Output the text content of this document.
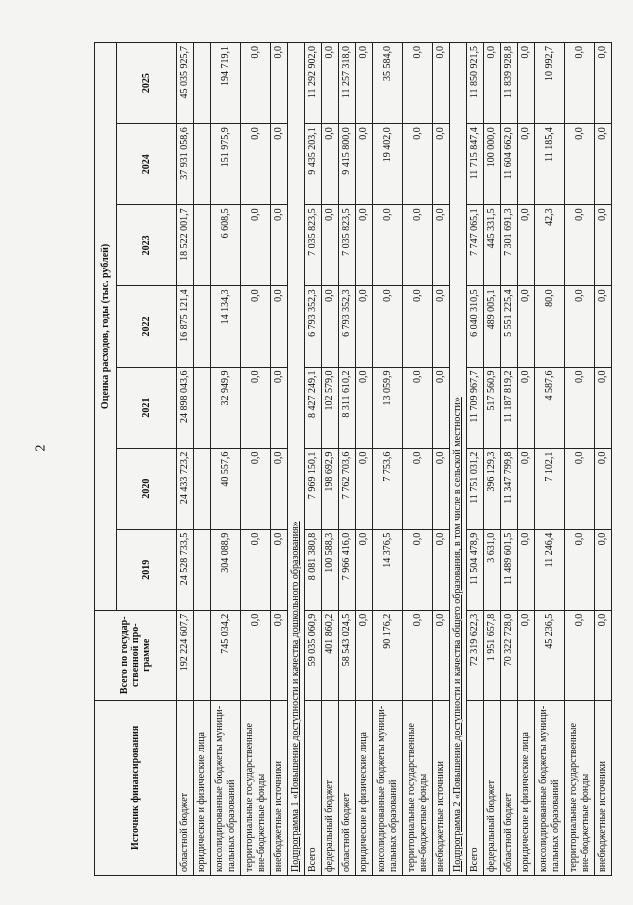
2
Источник финансирования	Всего по государ-ственной про-грамме	Оценка расходов, годы (тыс. рублей)						
		2019	2020	2021	2022	2023	2024	2025
областной бюджет	192 224 607,7	24 528 733,5	24 433 723,2	24 898 043,6	16 875 121,4	18 522 001,7	37 931 058,6	45 035 925,7
юридические и физические лица								
консолидированные бюджеты муници-пальных образований	745 034,2	304 088,9	40 557,6	32 949,9	14 134,3	6 608,5	151 975,9	194 719,1
территориальные государственные вне-бюджетные фонды	0,0	0,0	0,0	0,0	0,0	0,0	0,0	0,0
внебюджетные источники	0,0	0,0	0,0	0,0	0,0	0,0	0,0	0,0
Подпрограмма 1 «Повышение доступности и качества дошкольного образования»								
Всего	59 035 060,9	8 081 380,8	7 969 150,1	8 427 249,1	6 793 352,3	7 035 823,5	9 435 203,1	11 292 902,0
федеральный бюджет	401 860,2	100 588,3	198 692,9	102 579,0	0,0	0,0	0,0	0,0
областной бюджет	58 543 024,5	7 966 416,0	7 762 703,6	8 311 610,2	6 793 352,3	7 035 823,5	9 415 800,0	11 257 318,0
юридические и физические лица	0,0	0,0	0,0	0,0	0,0	0,0	0,0	0,0
консолидированные бюджеты муници-пальных образований	90 176,2	14 376,5	7 753,6	13 059,9	0,0	0,0	19 402,0	35 584,0
территориальные государственные вне-бюджетные фонды	0,0	0,0	0,0	0,0	0,0	0,0	0,0	0,0
внебюджетные источники	0,0	0,0	0,0	0,0	0,0	0,0	0,0	0,0
Подпрограмма 2 «Повышение доступности и качества общего образования, в том числе в сельской местности»								
Всего	72 319 622,3	11 504 478,9	11 751 031,2	11 709 967,7	6 040 310,5	7 747 065,1	11 715 847,4	11 850 921,5
федеральный бюджет	1 951 657,8	3 631,0	396 129,3	517 560,9	489 005,1	445 331,5	100 000,0	0,0
областной бюджет	70 322 728,0	11 489 601,5	11 347 799,8	11 187 819,2	5 551 225,4	7 301 691,3	11 604 662,0	11 839 928,8
юридические и физические лица	0,0	0,0	0,0	0,0	0,0	0,0	0,0	0,0
консолидированные бюджеты муници-пальных образований	45 236,5	11 246,4	7 102,1	4 587,6	80,0	42,3	11 185,4	10 992,7
территориальные государственные вне-бюджетные фонды	0,0	0,0	0,0	0,0	0,0	0,0	0,0	0,0
внебюджетные источники	0,0	0,0	0,0	0,0	0,0	0,0	0,0	0,0
